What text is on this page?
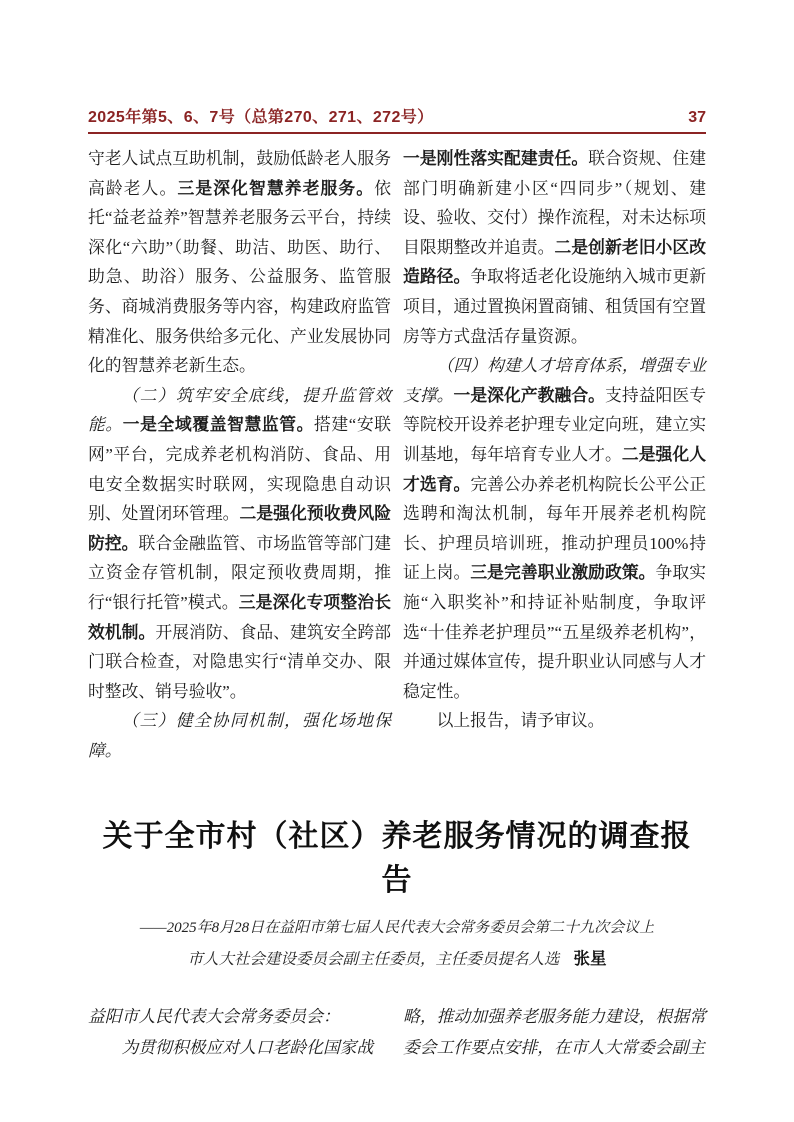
2025年第5、6、7号（总第270、271、272号）	37
守老人试点互助机制，鼓励低龄老人服务高龄老人。三是深化智慧养老服务。依托“益老益养”智慧养老服务云平台，持续深化“六助”（助餐、助洁、助医、助行、助急、助浴）服务、公益服务、监管服务、商城消费服务等内容，构建政府监管精准化、服务供给多元化、产业发展协同化的智慧养老新生态。
（二）筑牢安全底线，提升监管效能。一是全域覆盖智慧监管。搭建“安联网”平台，完成养老机构消防、食品、用电安全数据实时联网，实现隐患自动识别、处置闭环管理。二是强化预收费风险防控。联合金融监管、市场监管等部门建立资金存管机制，限定预收费周期，推行“银行托管”模式。三是深化专项整治长效机制。开展消防、食品、建筑安全跨部门联合检查，对隐患实行“清单交办、限时整改、销号验收”。
（三）健全协同机制，强化场地保障。
一是刚性落实配建责任。联合资规、住建部门明确新建小区“四同步”（规划、建设、验收、交付）操作流程，对未达标项目限期整改并追责。二是创新老旧小区改造路径。争取将适老化设施纳入城市更新项目，通过置换闲置商铺、租赁国有空置房等方式盘活存量资源。
（四）构建人才培育体系，增强专业支撑。一是深化产教融合。支持益阳医专等院校开设养老护理专业定向班，建立实训基地，每年培育专业人才。二是强化人才选育。完善公办养老机构院长公平公正选聘和淘汰机制，每年开展养老机构院长、护理员培训班，推动护理员100%持证上岗。三是完善职业激励政策。争取实施“入职奖补”和持证补贴制度，争取评选“十佳养老护理员”“五星级养老机构”，并通过媒体宣传，提升职业认同感与人才稳定性。
以上报告，请予审议。
关于全市村（社区）养老服务情况的调查报告
——2025年8月28日在益阳市第七届人民代表大会常务委员会第二十九次会议上
市人大社会建设委员会副主任委员，主任委员提名人选 张星
益阳市人民代表大会常务委员会：
为贯彻积极应对人口老龄化国家战
略，推动加强养老服务能力建设，根据常委会工作要点安排，在市人大常委会副主
